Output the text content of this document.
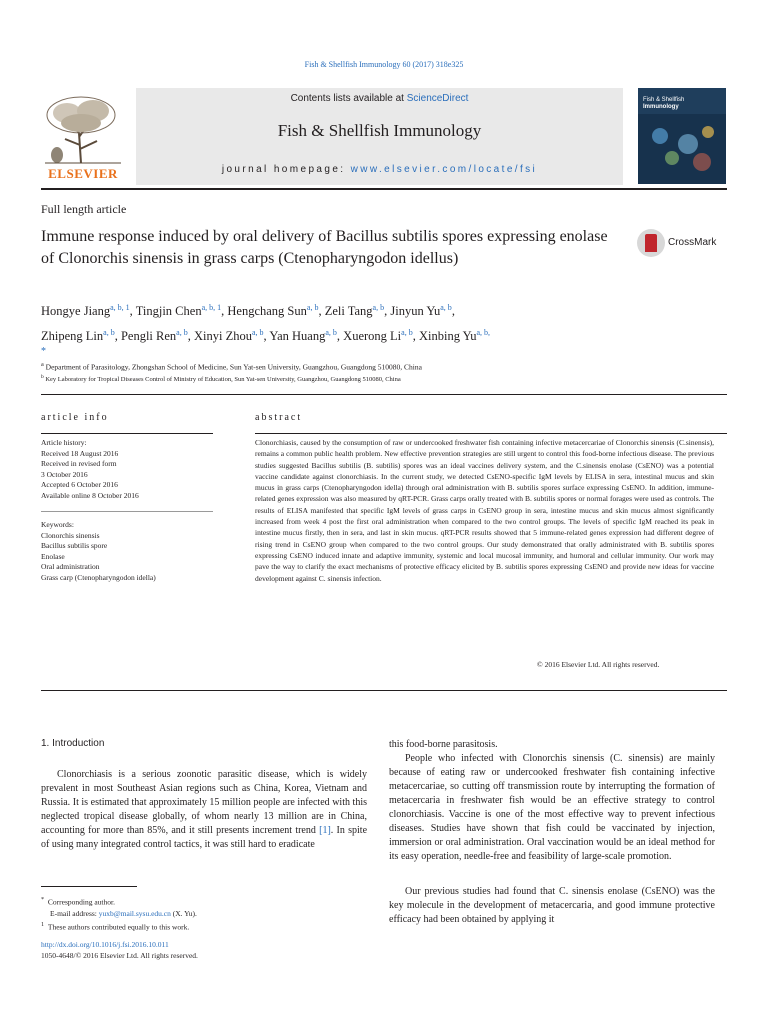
Fish & Shellfish Immunology 60 (2017) 318e325
Contents lists available at ScienceDirect
Fish & Shellfish Immunology
journal homepage: www.elsevier.com/locate/fsi
ELSEVIER
Fish & Shellfish
Immunology
Full length article
Immune response induced by oral delivery of Bacillus subtilis spores expressing enolase of Clonorchis sinensis in grass carps (Ctenopharyngodon idellus)
CrossMark
Hongye Jiang$^{a, b, 1}$, Tingjin Chen$^{a, b, 1}$, Hengchang Sun$^{a, b}$, Zeli Tang$^{a, b}$, Jinyun Yu$^{a, b}$,
Zhipeng Lin$^{a, b}$, Pengli Ren$^{a, b}$, Xinyi Zhou$^{a, b}$, Yan Huang$^{a, b}$, Xuerong Li$^{a, b}$, Xinbing $Yu^{a, b,}$
*
$^a$ Department of Parasitology, Zhongshan School of Medicine, Sun Yat-sen University, Guangzhou, Guangdong 510080, China
$^b$ Key Laboratory for Tropical Diseases Control of Ministry of Education, Sun Yat-sen University, Guangzhou, Guangdong 510080, China
article info	abstract
Article history:
Received 18 August 2016
Received in revised form
3 October 2016
Accepted 6 October 2016
Available online 8 October 2016
Keywords:
Clonorchis sinensis
Bacillus subtilis spore
Enolase
Oral administration
Grass carp (Ctenopharyngodon idella)
Clonorchiasis, caused by the consumption of raw or undercooked freshwater fish containing infective metacercariae of Clonorchis sinensis (C.sinensis), remains a common public health problem. New effective prevention strategies are still urgent to control this food-borne infectious disease. The previous studies suggested Bacillus subtilis (B. subtilis) spores was an ideal vaccines delivery system, and the C.sinensis enolase (CsENO) was a potential vaccine candidate against clonorchiasis. In the current study, we detected CsENO-specific IgM levels by ELISA in sera, intestinal mucus and skin mucus in grass carps (Ctenopharyngodon idella) through oral administration with B. subtilis spores surface expressing CsENO. In addition, immune-related genes expression was also measured by qRT-PCR. Grass carps orally treated with B. subtilis spores or normal forages were used as controls. The results of ELISA manifested that specific IgM levels of grass carps in CsENO group in sera, intestine mucus and skin mucus almost significantly increased from week 4 post the first oral administration when compared to the two control groups. The levels of specific IgM reached its peak in intestine mucus firstly, then in sera, and last in skin mucus. qRT-PCR results showed that 5 immune-related genes expression had different degree of rising trend in CsENO group when compared to the two control groups. Our study demonstrated that orally administrated with B. subtilis spores expressing CsENO induced innate and adaptive immunity, systemic and local mucosal immunity, and humoral and cellular immunity. Our work may pave the way to clarify the exact mechanisms of protective efficacy elicited by B. subtilis spores expressing CsENO and provide new ideas for vaccine development against C. sinensis infection.
© 2016 Elsevier Ltd. All rights reserved.
1. Introduction
Clonorchiasis is a serious zoonotic parasitic disease, which is widely prevalent in most Southeast Asian regions such as China, Korea, Vietnam and Russia. It is estimated that approximately 15 million people are infected with this neglected tropical disease globally, of whom nearly 13 million are in China, accounting for more than 85%, and it still presents increment trend [1]. In spite of using many integrated control tactics, it was still hard to eradicate
this food-borne parasitosis.
People who infected with Clonorchis sinensis (C. sinensis) are mainly because of eating raw or undercooked freshwater fish containing infective metacercariae, so cutting off transmission route by interrupting the formation of metacercaria in freshwater fish would be an effective strategy to control clonorchiasis. Vaccine is one of the most effective way to prevent infectious diseases. Studies have shown that fish could be vaccinated by injection, immersion or oral administration. Oral vaccination would be an ideal method for its easy operation, needle-free and feasibility of large-scale promotion.
Our previous studies had found that C. sinensis enolase (CsENO) was the key molecule in the development of metacercaria, and good immune protective efficacy had been obtained by applying it
* Corresponding author.
E-mail address: yuxb@mail.sysu.edu.cn (X. Yu).
$^1$ These authors contributed equally to this work.
http://dx.doi.org/10.1016/j.fsi.2016.10.011
1050-4648/© 2016 Elsevier Ltd. All rights reserved.
